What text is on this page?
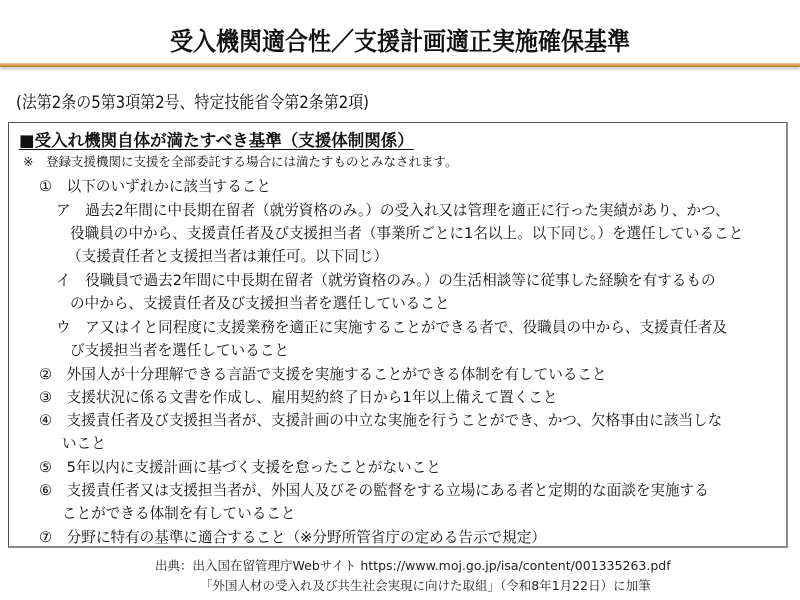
受入機関適合性／支援計画適正実施確保基準
(法第2条の5第3項第2号、特定技能省令第2条第2項)
■受入れ機関自体が満たすべき基準（支援体制関係）
※　登録支援機関に支援を全部委託する場合には満たすものとみなされます。
①　以下のいずれかに該当すること
ア　過去2年間に中長期在留者（就労資格のみ。）の受入れ又は管理を適正に行った実績があり、かつ、
役職員の中から、支援責任者及び支援担当者（事業所ごとに1名以上。以下同じ。）を選任していること
（支援責任者と支援担当者は兼任可。以下同じ）
イ　役職員で過去2年間に中長期在留者（就労資格のみ。）の生活相談等に従事した経験を有するもの
の中から、支援責任者及び支援担当者を選任していること
ウ　ア又はイと同程度に支援業務を適正に実施することができる者で、役職員の中から、支援責任者及
び支援担当者を選任していること
②　外国人が十分理解できる言語で支援を実施することができる体制を有していること
③　支援状況に係る文書を作成し、雇用契約終了日から1年以上備えて置くこと
④　支援責任者及び支援担当者が、支援計画の中立な実施を行うことができ、かつ、欠格事由に該当しな
いこと
⑤　5年以内に支援計画に基づく支援を怠ったことがないこと
⑥　支援責任者又は支援担当者が、外国人及びその監督をする立場にある者と定期的な面談を実施する
ことができる体制を有していること
⑦　分野に特有の基準に適合すること（※分野所管省庁の定める告示で規定）
出典：出入国在留管理庁Webサイト https://www.moj.go.jp/isa/content/001335263.pdf
「外国人材の受入れ及び共生社会実現に向けた取組」（令和8年1月22日）に加筆
